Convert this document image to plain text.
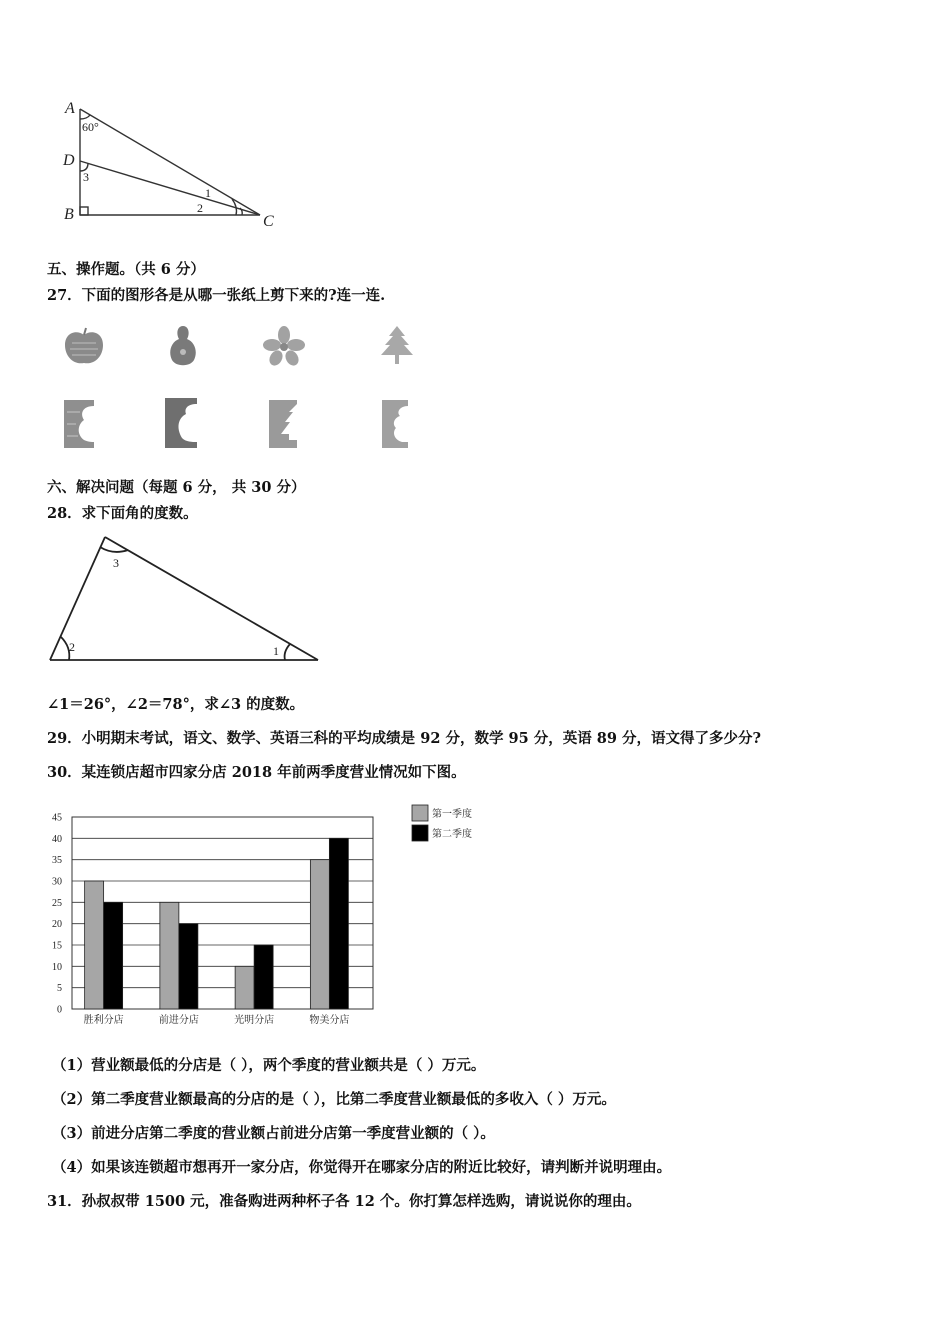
A
D
B	C
60°
3
1
2
五、操作题。（共 6 分）
27．下面的图形各是从哪一张纸上剪下来的?连一连.
六、解决问题（每题 6 分， 共 30 分）
28．求下面角的度数。
3
2	1
∠1＝26°，∠2＝78°，求∠3 的度数。
29．小明期末考试，语文、数学、英语三科的平均成绩是 92 分，数学 95 分，英语 89 分，语文得了多少分?
30．某连锁店超市四家分店 2018 年前两季度营业情况如下图。
0
5
10
15
20
25
30
35
40
45
胜利分店	前进分店	光明分店	物美分店
第一季度
第二季度
（1）营业额最低的分店是（ ），两个季度的营业额共是（ ）万元。
（2）第二季度营业额最高的分店的是（ ），比第二季度营业额最低的多收入（ ）万元。
（3）前进分店第二季度的营业额占前进分店第一季度营业额的（ ）。
（4）如果该连锁超市想再开一家分店，你觉得开在哪家分店的附近比较好，请判断并说明理由。
31．孙叔叔带 1500 元，准备购进两种杯子各 12 个。你打算怎样选购，请说说你的理由。
